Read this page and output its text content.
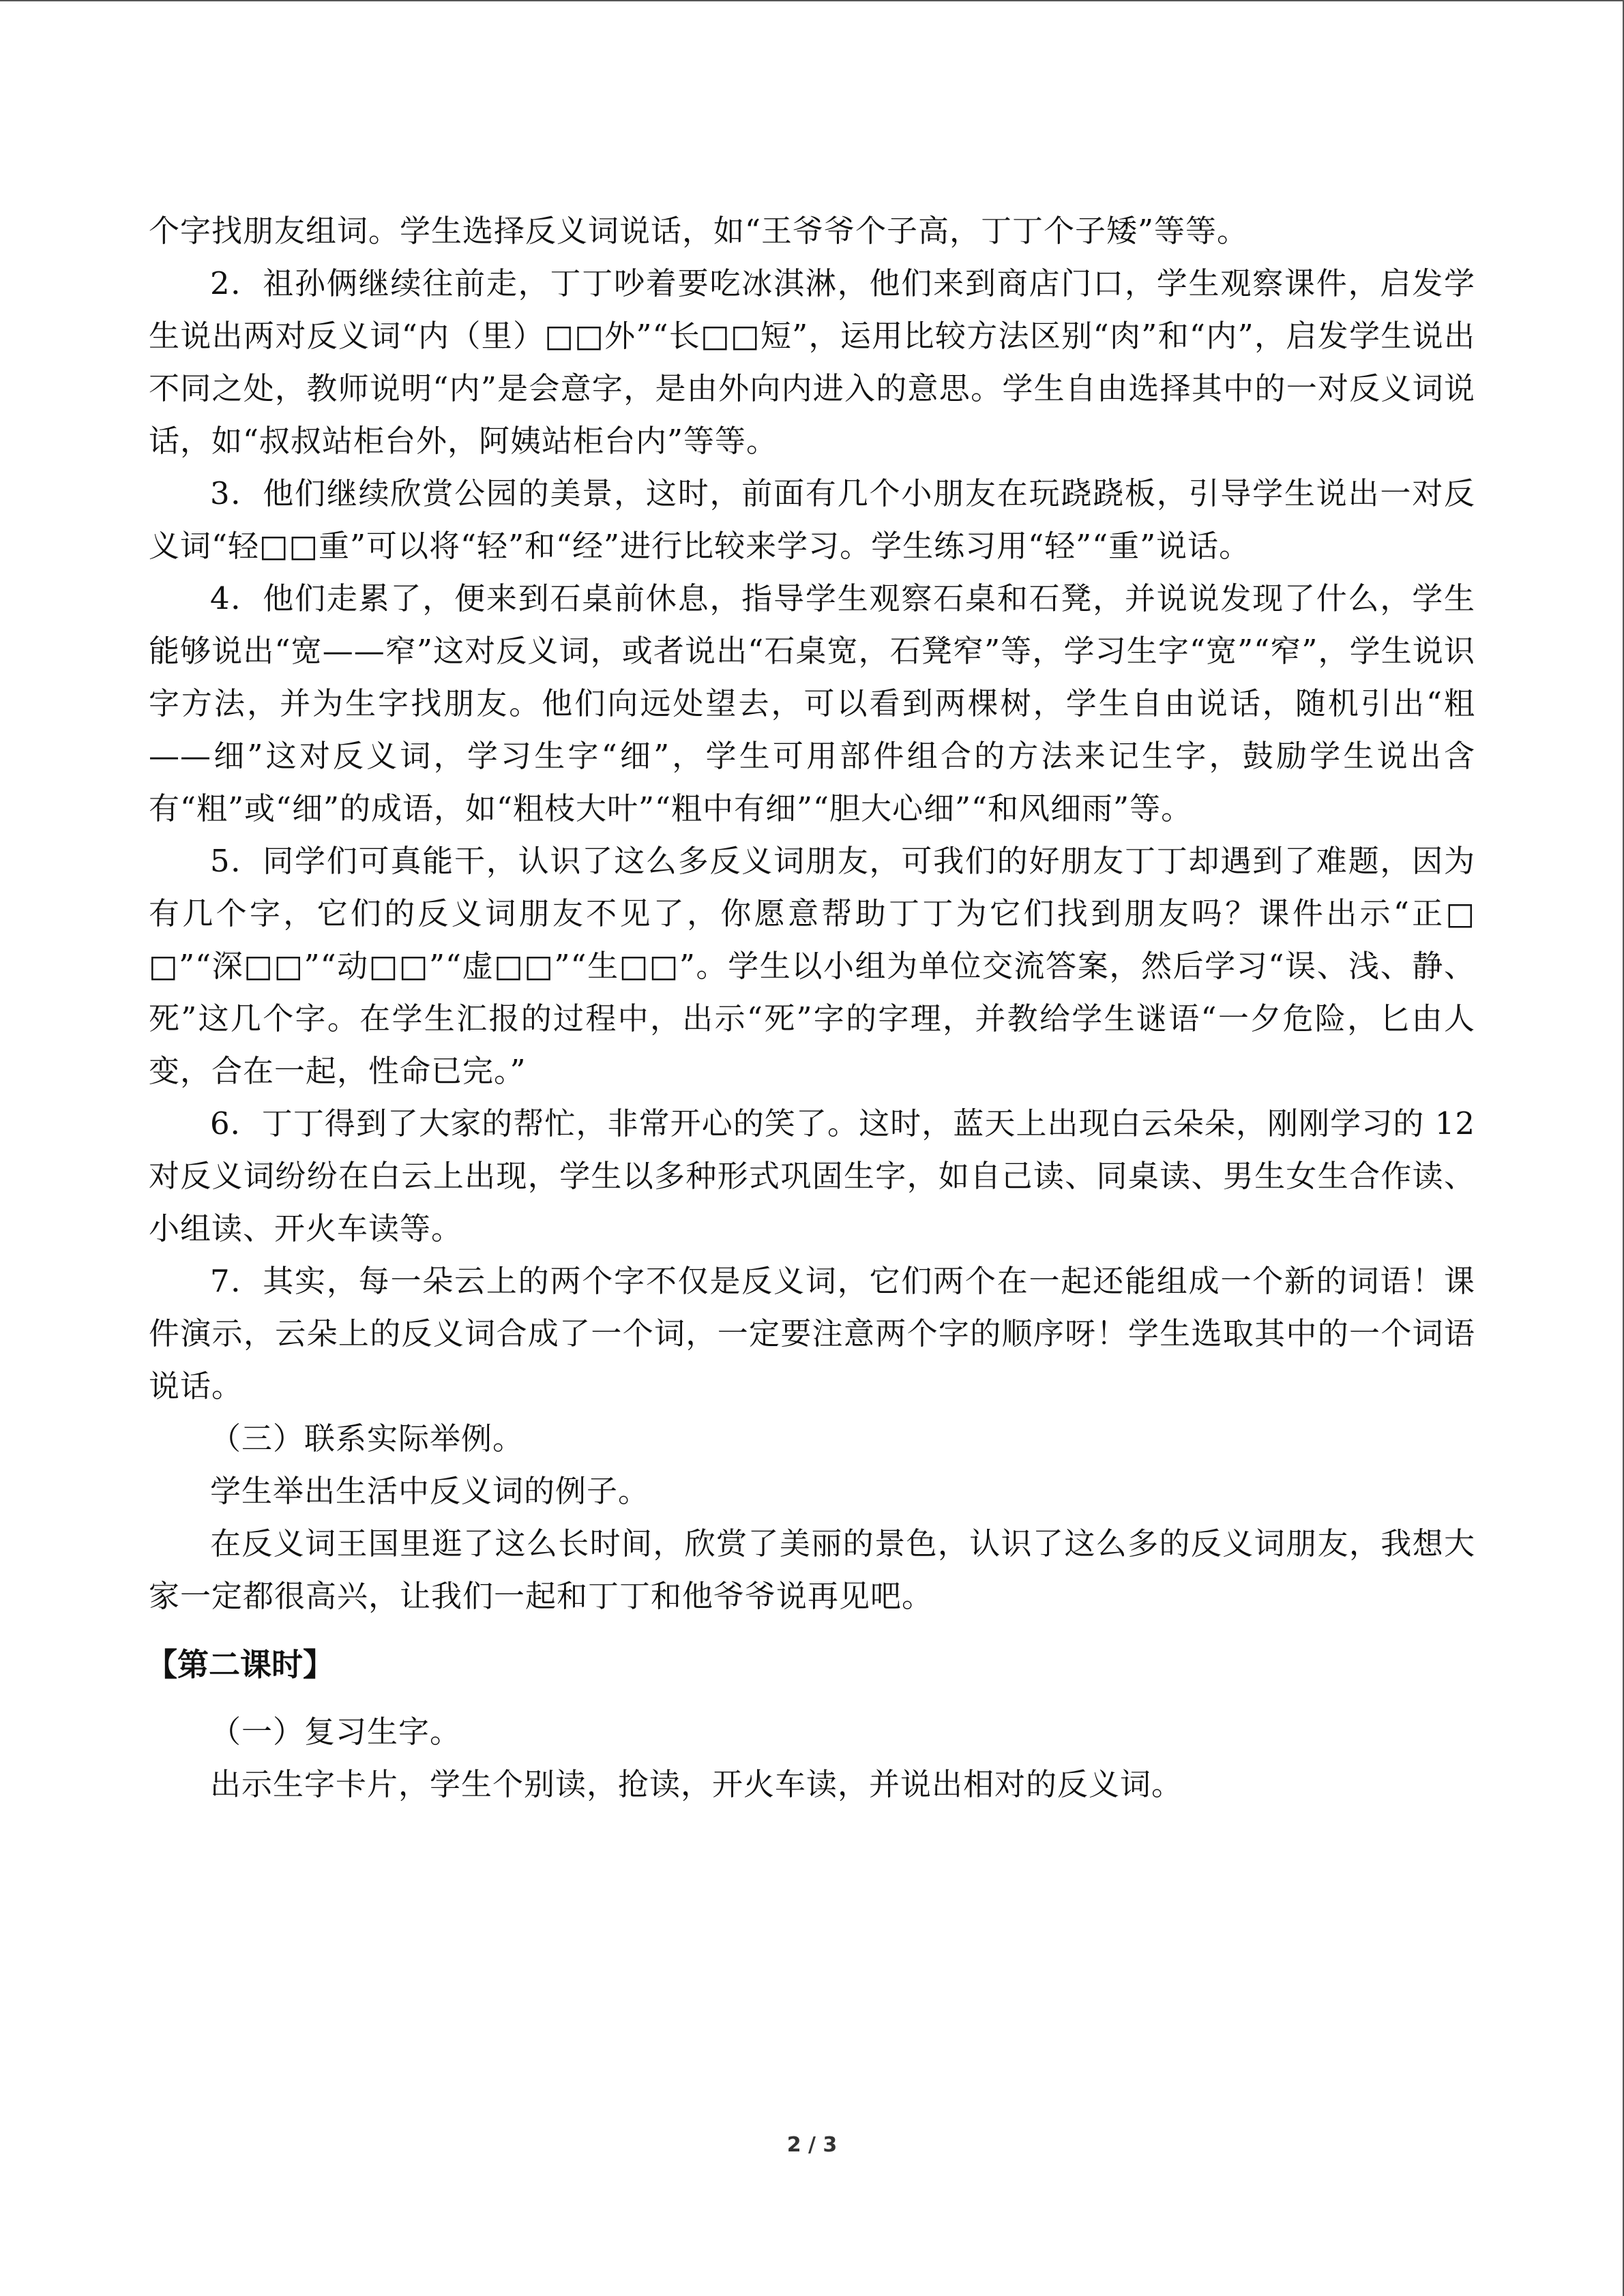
个字找朋友组词。学生选择反义词说话，如“王爷爷个子高，丁丁个子矮”等等。

2．祖孙俩继续往前走，丁丁吵着要吃冰淇淋，他们来到商店门口，学生观察课件，启发学生说出两对反义词“内（里）□□外”“长□□短”，运用比较方法区别“肉”和“内”，启发学生说出不同之处，教师说明“内”是会意字，是由外向内进入的意思。学生自由选择其中的一对反义词说话，如“叔叔站柜台外，阿姨站柜台内”等等。

3．他们继续欣赏公园的美景，这时，前面有几个小朋友在玩跷跷板，引导学生说出一对反义词“轻□□重”可以将“轻”和“经”进行比较来学习。学生练习用“轻”“重”说话。

4．他们走累了，便来到石桌前休息，指导学生观察石桌和石凳，并说说发现了什么，学生能够说出“宽——窄”这对反义词，或者说出“石桌宽，石凳窄”等，学习生字“宽”“窄”，学生说识字方法，并为生字找朋友。他们向远处望去，可以看到两棵树，学生自由说话，随机引出“粗——细”这对反义词，学习生字“细”，学生可用部件组合的方法来记生字，鼓励学生说出含有“粗”或“细”的成语，如“粗枝大叶”“粗中有细”“胆大心细”“和风细雨”等。

5．同学们可真能干，认识了这么多反义词朋友，可我们的好朋友丁丁却遇到了难题，因为有几个字，它们的反义词朋友不见了，你愿意帮助丁丁为它们找到朋友吗？课件出示“正□□”“深□□”“动□□”“虚□□”“生□□”。学生以小组为单位交流答案，然后学习“误、浅、静、死”这几个字。在学生汇报的过程中，出示“死”字的字理，并教给学生谜语“一夕危险，匕由人变，合在一起，性命已完。”

6．丁丁得到了大家的帮忙，非常开心的笑了。这时，蓝天上出现白云朵朵，刚刚学习的 12 对反义词纷纷在白云上出现，学生以多种形式巩固生字，如自己读、同桌读、男生女生合作读、小组读、开火车读等。

7．其实，每一朵云上的两个字不仅是反义词，它们两个在一起还能组成一个新的词语！课件演示，云朵上的反义词合成了一个词，一定要注意两个字的顺序呀！学生选取其中的一个词语说话。

（三）联系实际举例。

学生举出生活中反义词的例子。

在反义词王国里逛了这么长时间，欣赏了美丽的景色，认识了这么多的反义词朋友，我想大家一定都很高兴，让我们一起和丁丁和他爷爷说再见吧。

【第二课时】

（一）复习生字。

出示生字卡片，学生个别读，抢读，开火车读，并说出相对的反义词。

2 / 3
